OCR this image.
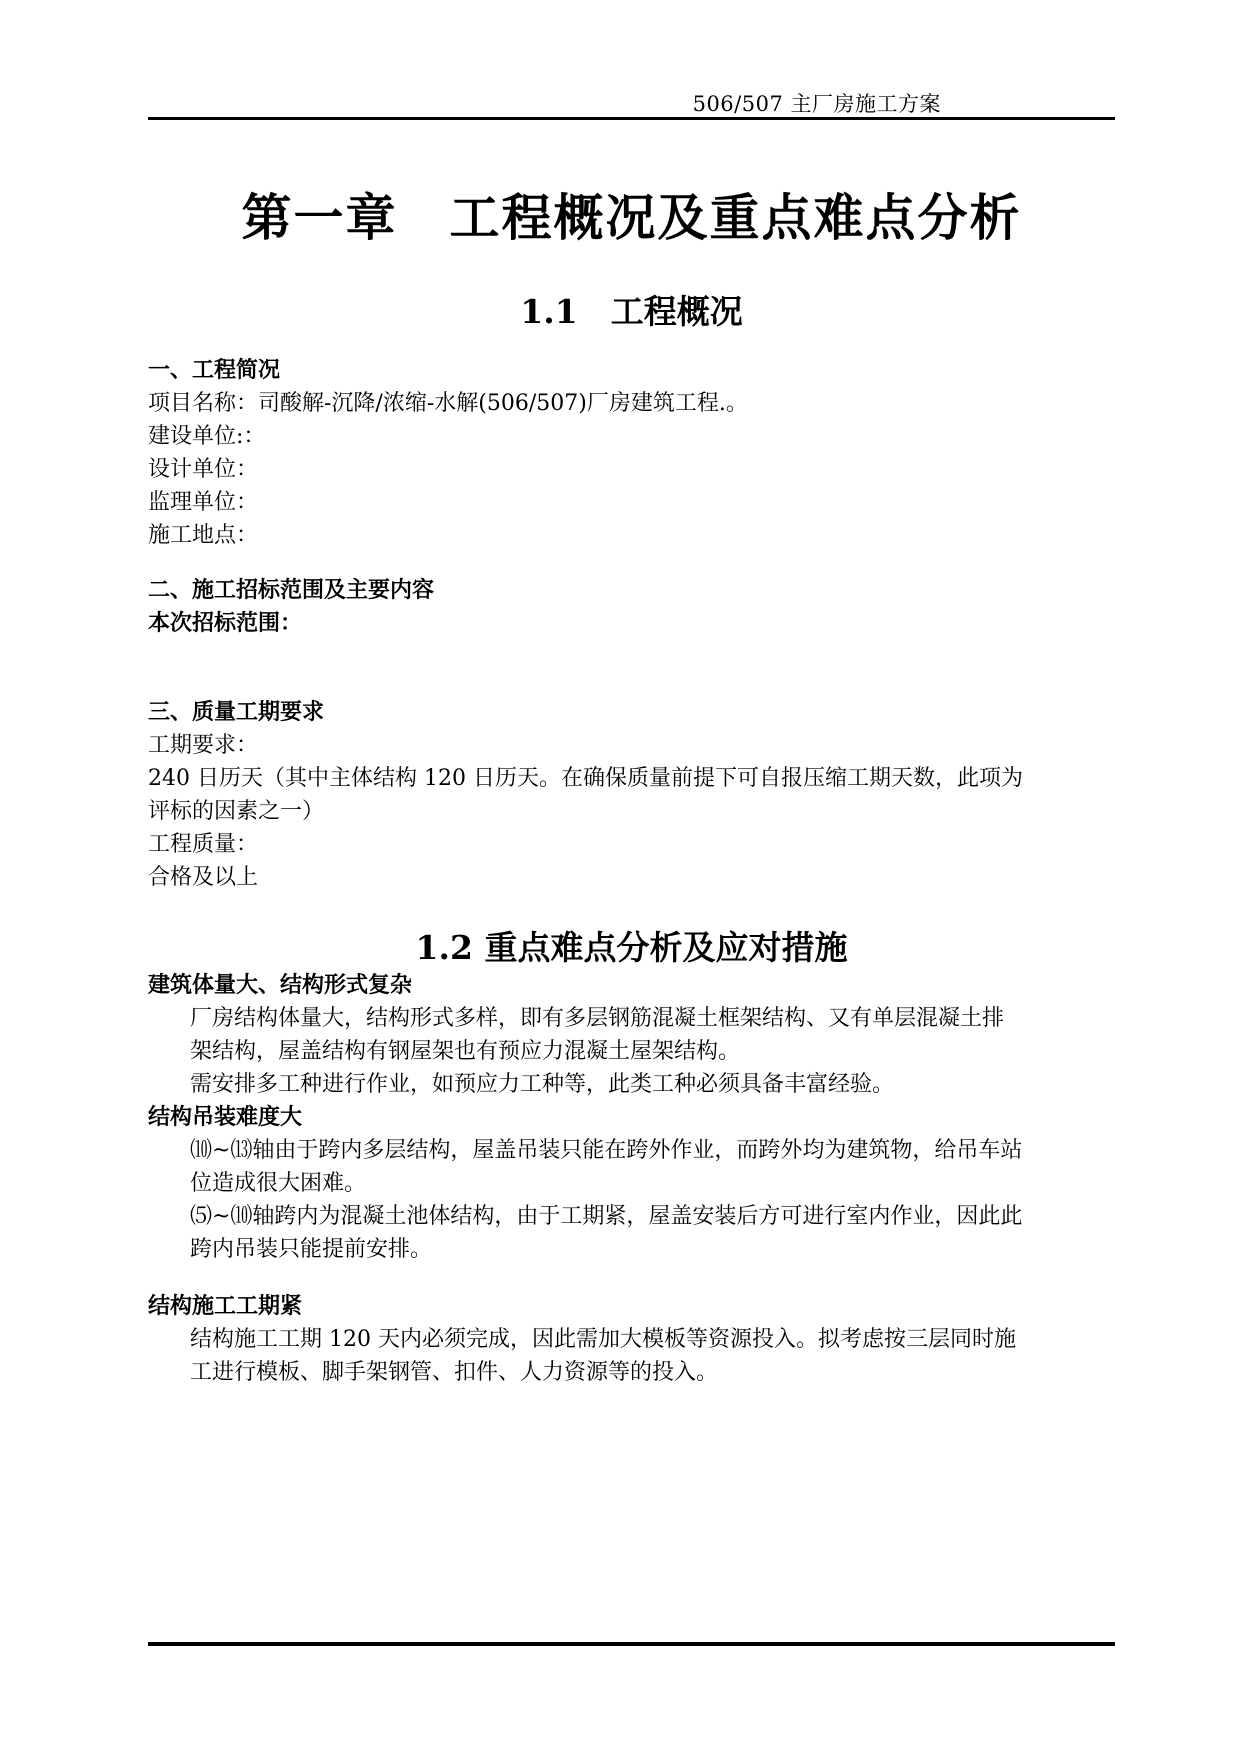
506/507 主厂房施工方案
第一章　工程概况及重点难点分析
1.1　工程概况
一、工程简况
项目名称：司酸解-沉降/浓缩-水解(506/507)厂房建筑工程.。
建设单位:：
设计单位：
监理单位：
施工地点：
二、施工招标范围及主要内容
本次招标范围：
三、质量工期要求
工期要求：
240 日历天（其中主体结构 120 日历天。在确保质量前提下可自报压缩工期天数，此项为
评标的因素之一）
工程质量：
合格及以上
1.2 重点难点分析及应对措施
建筑体量大、结构形式复杂
厂房结构体量大，结构形式多样，即有多层钢筋混凝土框架结构、又有单层混凝土排
架结构，屋盖结构有钢屋架也有预应力混凝土屋架结构。
需安排多工种进行作业，如预应力工种等，此类工种必须具备丰富经验。
结构吊装难度大
⑽~⒀轴由于跨内多层结构，屋盖吊装只能在跨外作业，而跨外均为建筑物，给吊车站
位造成很大困难。
⑸~⑽轴跨内为混凝土池体结构，由于工期紧，屋盖安装后方可进行室内作业，因此此
跨内吊装只能提前安排。
结构施工工期紧
结构施工工期 120 天内必须完成，因此需加大模板等资源投入。拟考虑按三层同时施
工进行模板、脚手架钢管、扣件、人力资源等的投入。
